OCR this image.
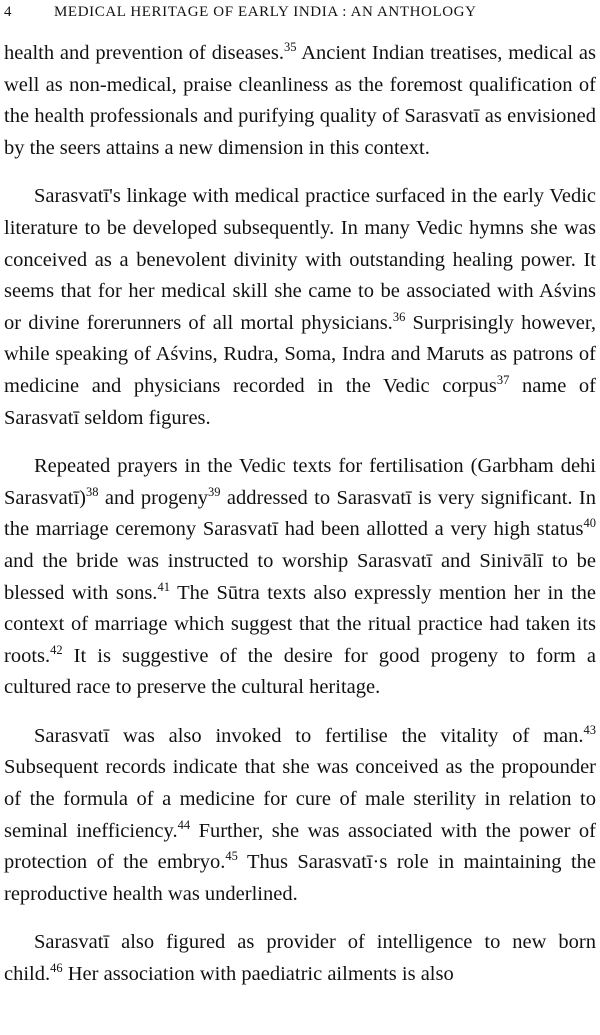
4	MEDICAL HERITAGE OF EARLY INDIA : AN ANTHOLOGY

health and prevention of diseases.$^{35}$ Ancient Indian treatises, medical as well as non-medical, praise cleanliness as the foremost qualification of the health professionals and purifying quality of Sarasvatī as envisioned by the seers attains a new dimension in this context.

Sarasvatī's linkage with medical practice surfaced in the early Vedic literature to be developed subsequently. In many Vedic hymns she was conceived as a benevolent divinity with outstanding healing power. It seems that for her medical skill she came to be associated with Aśvins or divine forerunners of all mortal physicians.$^{36}$ Surprisingly however, while speaking of Aśvins, Rudra, Soma, Indra and Maruts as patrons of medicine and physicians recorded in the Vedic corpus$^{37}$ name of Sarasvatī seldom figures.

Repeated prayers in the Vedic texts for fertilisation (Garbham dehi Sarasvatī)$^{38}$ and progeny$^{39}$ addressed to Sarasvatī is very significant. In the marriage ceremony Sarasvatī had been allotted a very high status$^{40}$ and the bride was instructed to worship Sarasvatī and Sinivālī to be blessed with sons.$^{41}$ The Sūtra texts also expressly mention her in the context of marriage which suggest that the ritual practice had taken its roots.$^{42}$ It is suggestive of the desire for good progeny to form a cultured race to preserve the cultural heritage.

Sarasvatī was also invoked to fertilise the vitality of man.$^{43}$ Subsequent records indicate that she was conceived as the propounder of the formula of a medicine for cure of male sterility in relation to seminal inefficiency.$^{44}$ Further, she was associated with the power of protection of the embryo.$^{45}$ Thus Sarasvatī·s role in maintaining the reproductive health was underlined.

Sarasvatī also figured as provider of intelligence to new born child.$^{46}$ Her association with paediatric ailments is also
